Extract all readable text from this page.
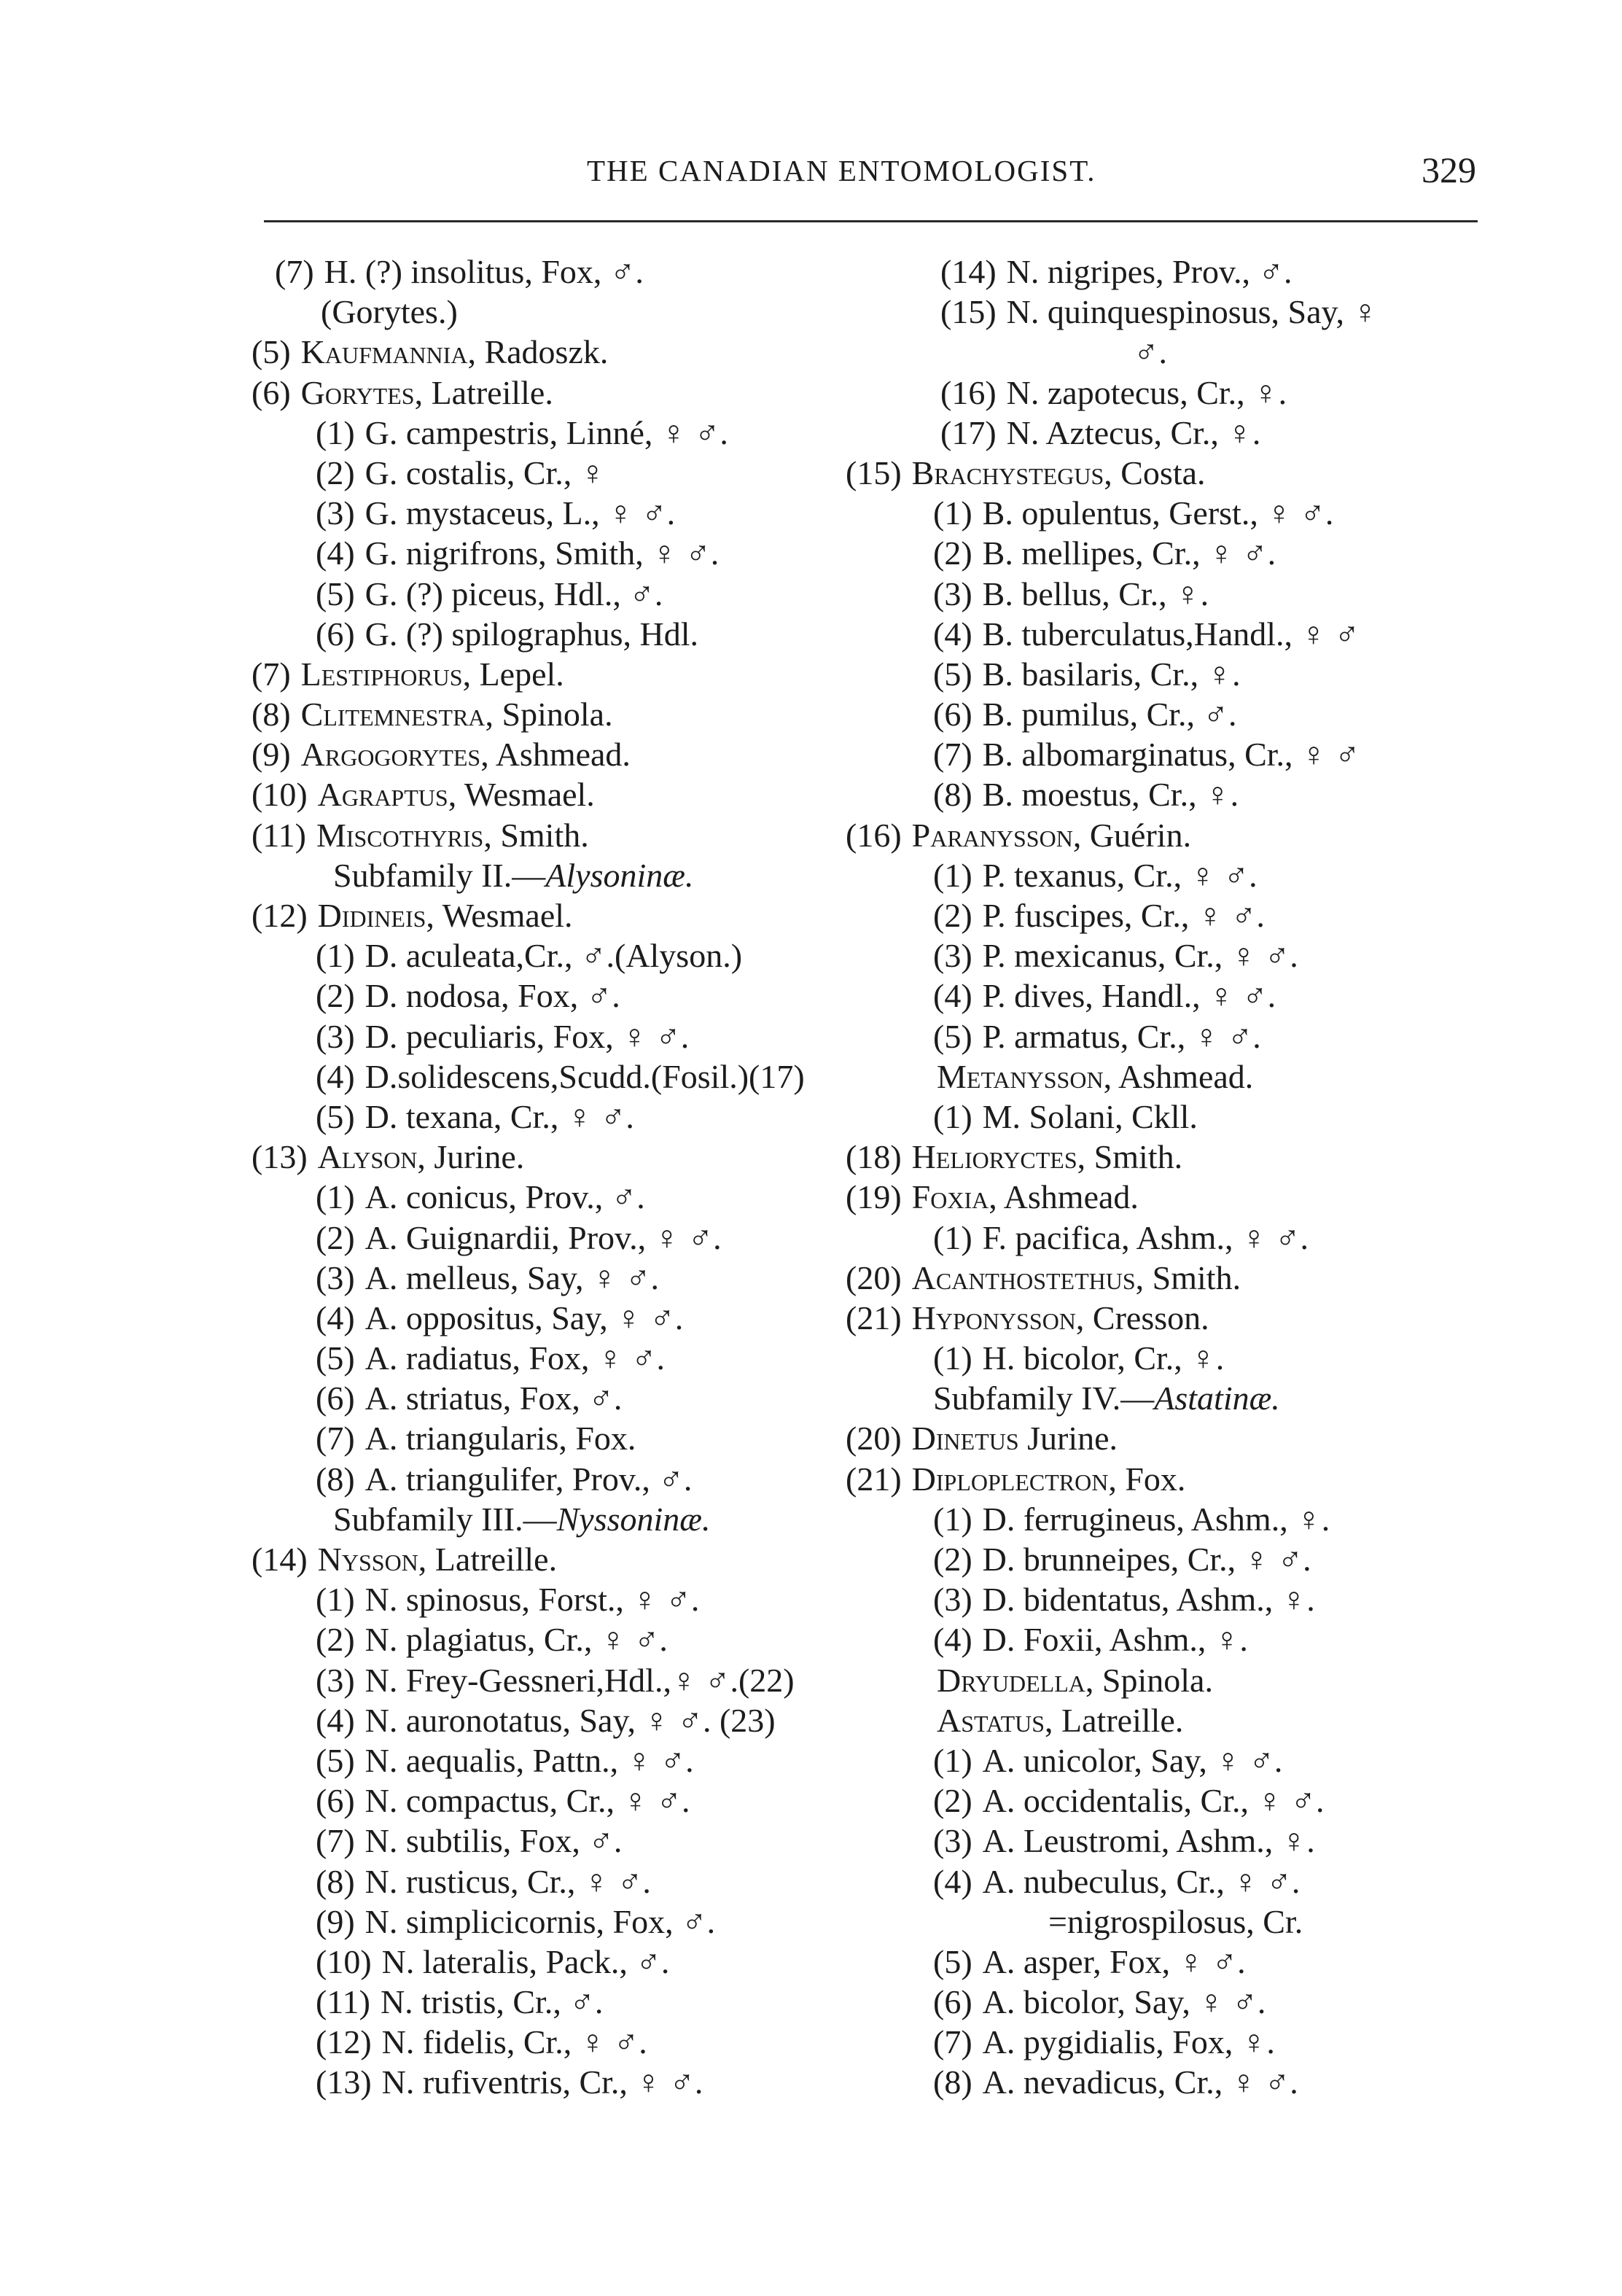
THE CANADIAN ENTOMOLOGIST.	329
(7) H. (?) insolitus, Fox, ♂.
(Gorytes.)
(5) Kaufmannia, Radoszk.
(6) Gorytes, Latreille.
(1) G. campestris, Linné, ♀ ♂.
(2) G. costalis, Cr., ♀
(3) G. mystaceus, L., ♀ ♂.
(4) G. nigrifrons, Smith, ♀ ♂.
(5) G. (?) piceus, Hdl., ♂.
(6) G. (?) spilographus, Hdl.
(7) Lestiphorus, Lepel.
(8) Clitemnestra, Spinola.
(9) Argogorytes, Ashmead.
(10) Agraptus, Wesmael.
(11) Miscothyris, Smith.
Subfamily II.—Alysoninæ.
(12) Didineis, Wesmael.
(1) D. aculeata,Cr., ♂.(Alyson.)
(2) D. nodosa, Fox, ♂.
(3) D. peculiaris, Fox, ♀ ♂.
(4) D.solidescens,Scudd.(Fosil.)(17)
(5) D. texana, Cr., ♀ ♂.
(13) Alyson, Jurine.
(1) A. conicus, Prov., ♂.
(2) A. Guignardii, Prov., ♀ ♂.
(3) A. melleus, Say, ♀ ♂.
(4) A. oppositus, Say, ♀ ♂.
(5) A. radiatus, Fox, ♀ ♂.
(6) A. striatus, Fox, ♂.
(7) A. triangularis, Fox.
(8) A. triangulifer, Prov., ♂.
Subfamily III.—Nyssoninæ.
(14) Nysson, Latreille.
(1) N. spinosus, Forst., ♀ ♂.
(2) N. plagiatus, Cr., ♀ ♂.
(3) N. Frey-Gessneri,Hdl.,♀ ♂.(22)
(4) N. auronotatus, Say, ♀ ♂. (23)
(5) N. aequalis, Pattn., ♀ ♂.
(6) N. compactus, Cr., ♀ ♂.
(7) N. subtilis, Fox, ♂.
(8) N. rusticus, Cr., ♀ ♂.
(9) N. simplicicornis, Fox, ♂.
(10) N. lateralis, Pack., ♂.
(11) N. tristis, Cr., ♂.
(12) N. fidelis, Cr., ♀ ♂.
(13) N. rufiventris, Cr., ♀ ♂.
(14) N. nigripes, Prov., ♂.
(15) N. quinquespinosus, Say, ♀
♂.
(16) N. zapotecus, Cr., ♀.
(17) N. Aztecus, Cr., ♀.
(15) Brachystegus, Costa.
(1) B. opulentus, Gerst., ♀ ♂.
(2) B. mellipes, Cr., ♀ ♂.
(3) B. bellus, Cr., ♀.
(4) B. tuberculatus,Handl., ♀ ♂
(5) B. basilaris, Cr., ♀.
(6) B. pumilus, Cr., ♂.
(7) B. albomarginatus, Cr., ♀ ♂
(8) B. moestus, Cr., ♀.
(16) Paranysson, Guérin.
(1) P. texanus, Cr., ♀ ♂.
(2) P. fuscipes, Cr., ♀ ♂.
(3) P. mexicanus, Cr., ♀ ♂.
(4) P. dives, Handl., ♀ ♂.
(5) P. armatus, Cr., ♀ ♂.
Metanysson, Ashmead.
(1) M. Solani, Ckll.
(18) Helioryctes, Smith.
(19) Foxia, Ashmead.
(1) F. pacifica, Ashm., ♀ ♂.
(20) Acanthostethus, Smith.
(21) Hyponysson, Cresson.
(1) H. bicolor, Cr., ♀.
Subfamily IV.—Astatinæ.
(20) Dinetus Jurine.
(21) Diploplectron, Fox.
(1) D. ferrugineus, Ashm., ♀.
(2) D. brunneipes, Cr., ♀ ♂.
(3) D. bidentatus, Ashm., ♀.
(4) D. Foxii, Ashm., ♀.
Dryudella, Spinola.
Astatus, Latreille.
(1) A. unicolor, Say, ♀ ♂.
(2) A. occidentalis, Cr., ♀ ♂.
(3) A. Leustromi, Ashm., ♀.
(4) A. nubeculus, Cr., ♀ ♂.
=nigrospilosus, Cr.
(5) A. asper, Fox, ♀ ♂.
(6) A. bicolor, Say, ♀ ♂.
(7) A. pygidialis, Fox, ♀.
(8) A. nevadicus, Cr., ♀ ♂.
